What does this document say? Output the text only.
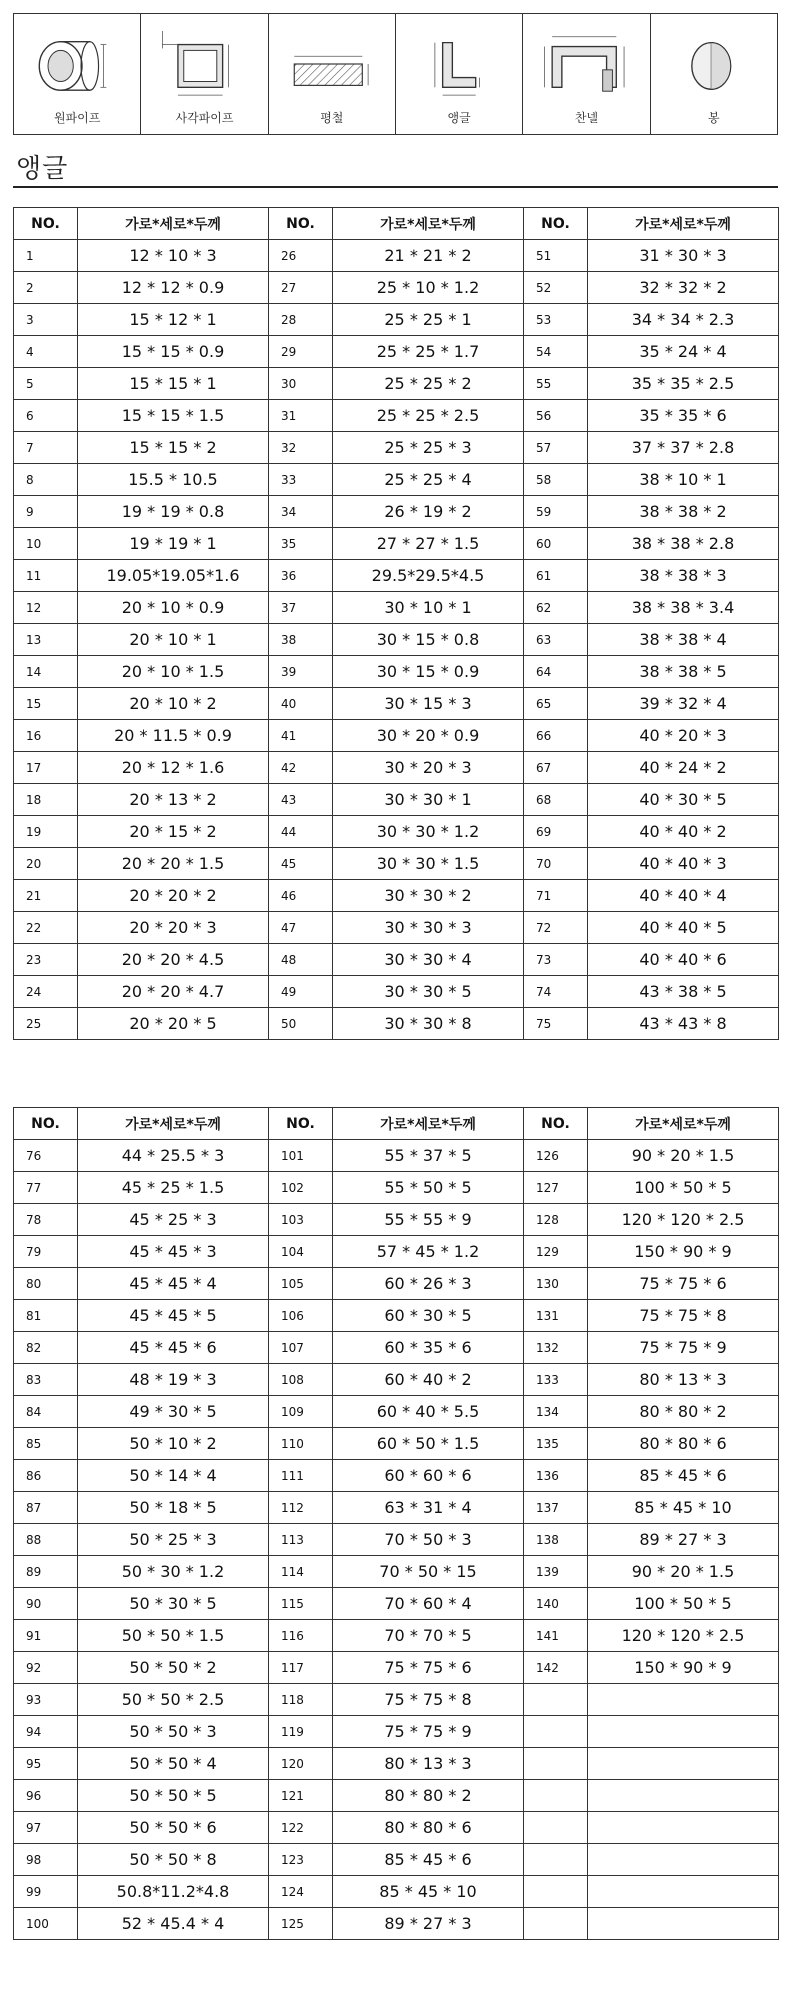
원파이프	사각파이프	평철	앵글	찬넬	봉
앵글
NO.	가로*세로*두께	NO.	가로*세로*두께	NO.	가로*세로*두께
1	12 * 10 * 3	26	21 * 21 * 2	51	31 * 30 * 3
2	12 * 12 * 0.9	27	25 * 10 * 1.2	52	32 * 32 * 2
3	15 * 12 * 1	28	25 * 25 * 1	53	34 * 34 * 2.3
4	15 * 15 * 0.9	29	25 * 25 * 1.7	54	35 * 24 * 4
5	15 * 15 * 1	30	25 * 25 * 2	55	35 * 35 * 2.5
6	15 * 15 * 1.5	31	25 * 25 * 2.5	56	35 * 35 * 6
7	15 * 15 * 2	32	25 * 25 * 3	57	37 * 37 * 2.8
8	15.5 * 10.5	33	25 * 25 * 4	58	38 * 10 * 1
9	19 * 19 * 0.8	34	26 * 19 * 2	59	38 * 38 * 2
10	19 * 19 * 1	35	27 * 27 * 1.5	60	38 * 38 * 2.8
11	19.05*19.05*1.6	36	29.5*29.5*4.5	61	38 * 38 * 3
12	20 * 10 * 0.9	37	30 * 10 * 1	62	38 * 38 * 3.4
13	20 * 10 * 1	38	30 * 15 * 0.8	63	38 * 38 * 4
14	20 * 10 * 1.5	39	30 * 15 * 0.9	64	38 * 38 * 5
15	20 * 10 * 2	40	30 * 15 * 3	65	39 * 32 * 4
16	20 * 11.5 * 0.9	41	30 * 20 * 0.9	66	40 * 20 * 3
17	20 * 12 * 1.6	42	30 * 20 * 3	67	40 * 24 * 2
18	20 * 13 * 2	43	30 * 30 * 1	68	40 * 30 * 5
19	20 * 15 * 2	44	30 * 30 * 1.2	69	40 * 40 * 2
20	20 * 20 * 1.5	45	30 * 30 * 1.5	70	40 * 40 * 3
21	20 * 20 * 2	46	30 * 30 * 2	71	40 * 40 * 4
22	20 * 20 * 3	47	30 * 30 * 3	72	40 * 40 * 5
23	20 * 20 * 4.5	48	30 * 30 * 4	73	40 * 40 * 6
24	20 * 20 * 4.7	49	30 * 30 * 5	74	43 * 38 * 5
25	20 * 20 * 5	50	30 * 30 * 8	75	43 * 43 * 8
NO.	가로*세로*두께	NO.	가로*세로*두께	NO.	가로*세로*두께
76	44 * 25.5 * 3	101	55 * 37 * 5	126	90 * 20 * 1.5
77	45 * 25 * 1.5	102	55 * 50 * 5	127	100 * 50 * 5
78	45 * 25 * 3	103	55 * 55 * 9	128	120 * 120 * 2.5
79	45 * 45 * 3	104	57 * 45 * 1.2	129	150 * 90 * 9
80	45 * 45 * 4	105	60 * 26 * 3	130	75 * 75 * 6
81	45 * 45 * 5	106	60 * 30 * 5	131	75 * 75 * 8
82	45 * 45 * 6	107	60 * 35 * 6	132	75 * 75 * 9
83	48 * 19 * 3	108	60 * 40 * 2	133	80 * 13 * 3
84	49 * 30 * 5	109	60 * 40 * 5.5	134	80 * 80 * 2
85	50 * 10 * 2	110	60 * 50 * 1.5	135	80 * 80 * 6
86	50 * 14 * 4	111	60 * 60 * 6	136	85 * 45 * 6
87	50 * 18 * 5	112	63 * 31 * 4	137	85 * 45 * 10
88	50 * 25 * 3	113	70 * 50 * 3	138	89 * 27 * 3
89	50 * 30 * 1.2	114	70 * 50 * 15	139	90 * 20 * 1.5
90	50 * 30 * 5	115	70 * 60 * 4	140	100 * 50 * 5
91	50 * 50 * 1.5	116	70 * 70 * 5	141	120 * 120 * 2.5
92	50 * 50 * 2	117	75 * 75 * 6	142	150 * 90 * 9
93	50 * 50 * 2.5	118	75 * 75 * 8		
94	50 * 50 * 3	119	75 * 75 * 9		
95	50 * 50 * 4	120	80 * 13 * 3		
96	50 * 50 * 5	121	80 * 80 * 2		
97	50 * 50 * 6	122	80 * 80 * 6		
98	50 * 50 * 8	123	85 * 45 * 6		
99	50.8*11.2*4.8	124	85 * 45 * 10		
100	52 * 45.4 * 4	125	89 * 27 * 3		
